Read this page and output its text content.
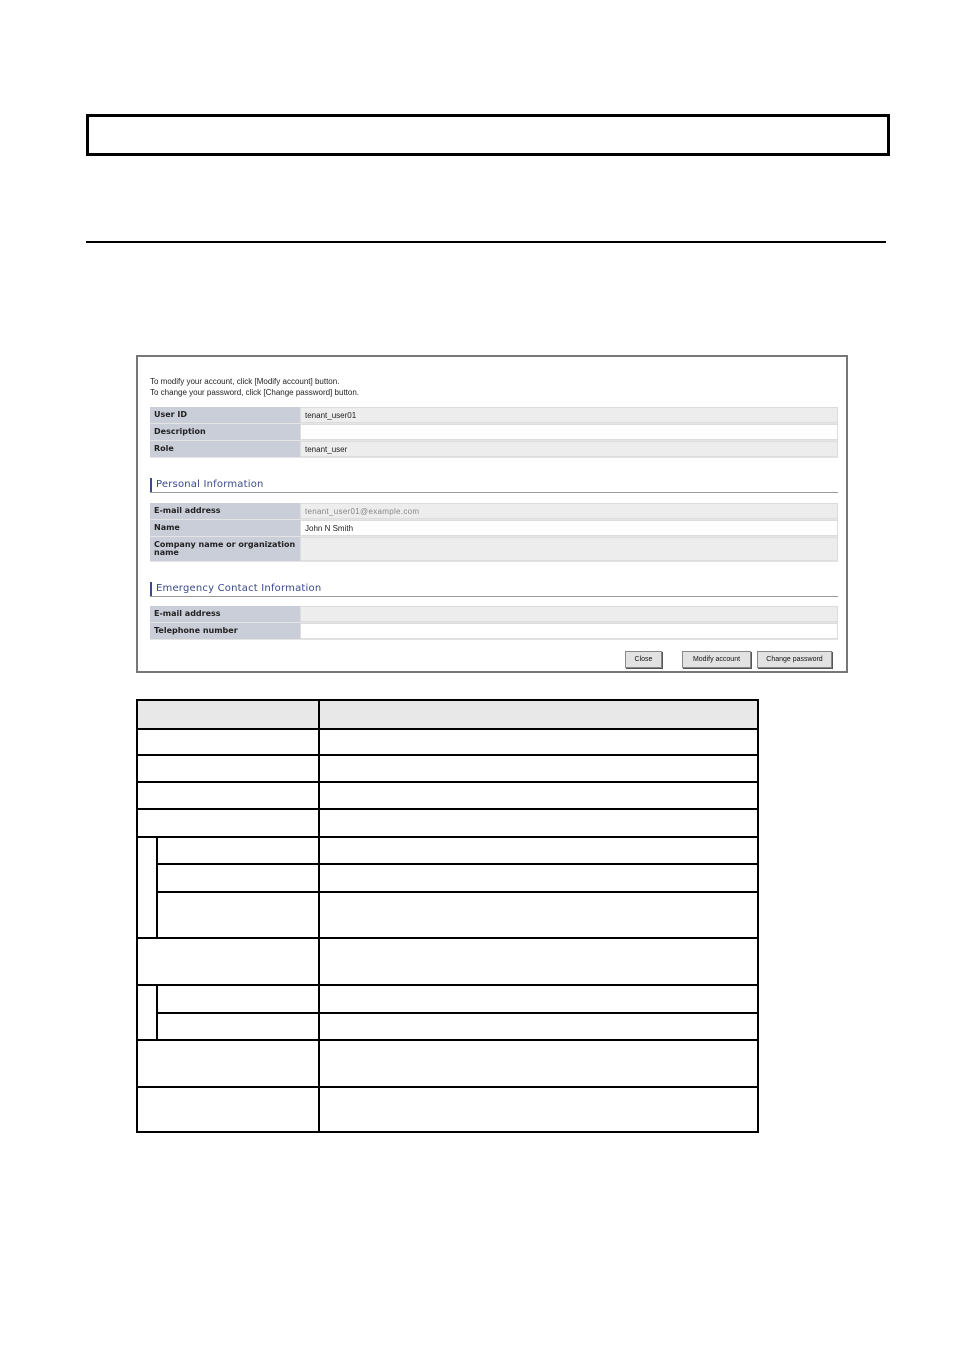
To modify your account, click [Modify account] button.
To change your password, click [Change password] button.
User ID	tenant_user01
Description
Role	tenant_user
Personal Information
E-mail address	tenant_user01@example.com
Name	John N Smith
Company name or organization name
Emergency Contact Information
E-mail address
Telephone number
Close	Modify account	Change password
